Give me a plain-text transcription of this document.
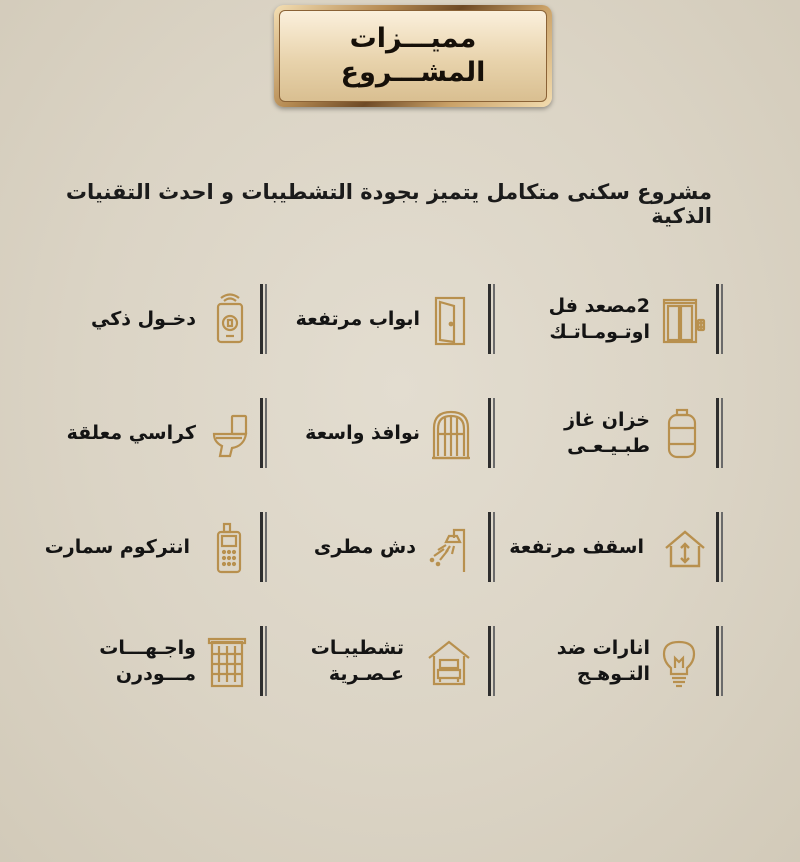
مميـــزات
المشـــروع
مشروع سكنى متكامل يتميز بجودة التشطيبات و احدث التقنيات الذكية
2مصعد فل
اوتـومـاتـك
ابواب مرتفعة
دخـول ذكي
خزان غاز
طبـيـعـى
نوافذ واسعة
كراسي معلقة
اسقف مرتفعة
دش مطرى
انتركوم سمارت
انارات ضد
التـوهـج
تشطيبـات
عـصـرية
واجـهـــات
مـــودرن
